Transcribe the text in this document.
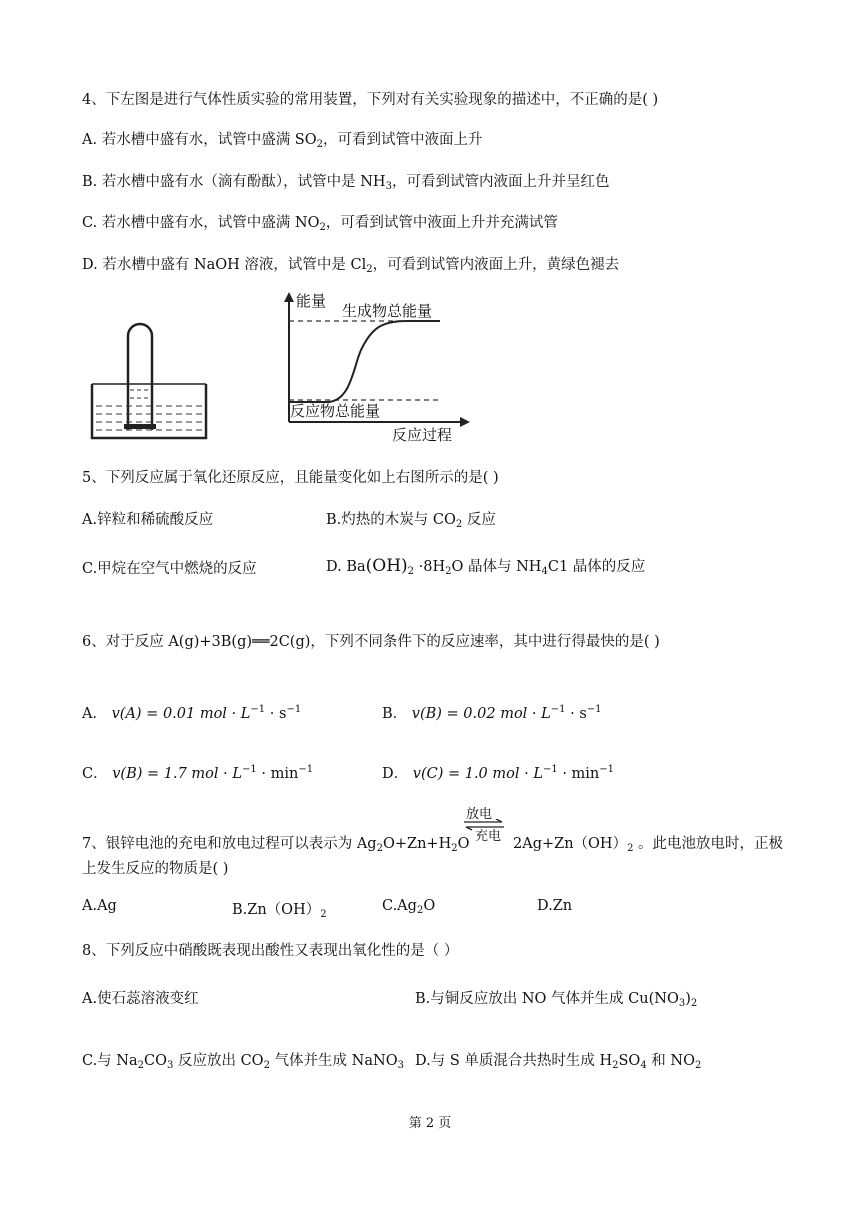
4、下左图是进行气体性质实验的常用装置，下列对有关实验现象的描述中，不正确的是( )
A. 若水槽中盛有水，试管中盛满 $SO_2$，可看到试管中液面上升
B. 若水槽中盛有水（滴有酚酞），试管中是 $NH_3$，可看到试管内液面上升并呈红色
C. 若水槽中盛有水，试管中盛满 $NO_2$，可看到试管中液面上升并充满试管
D. 若水槽中盛有 NaOH 溶液，试管中是 $Cl_2$，可看到试管内液面上升，黄绿色褪去
能量
生成物总能量
反应物总能量
反应过程
5、下列反应属于氧化还原反应，且能量变化如上右图所示的是( )
A.锌粒和稀硫酸反应	B.灼热的木炭与 $CO_2$ 反应
C.甲烷在空气中燃烧的反应	D. $Ba(OH)_2 \cdot 8H_2O$ 晶体与 $NH_4C1$ 晶体的反应
6、对于反应 A(g)+3B(g)══2C(g)，下列不同条件下的反应速率，其中进行得最快的是( )
A． v(A) = 0.01 mol · $L^{-1} \cdot s^{-1}$	B． v(B) = 0.02 mol · $L^{-1} \cdot s^{-1}$
C． v(B) = 1.7 mol · $L^{-1} \cdot \min^{-1}$	D． v(C) = 1.0 mol · $L^{-1} \cdot \min^{-1}$
放电
充电
7、银锌电池的充电和放电过程可以表示为 $Ag_2O+Zn+H_2O$	$2Ag+Zn(OH)_2$ 。此电池放电时，正极
上发生反应的物质是( )
A.Ag	$B.Zn(OH)_2$
$C.Ag_2O$	D.Zn
8、下列反应中硝酸既表现出酸性又表现出氧化性的是（ ）
A.使石蕊溶液变红	B.与铜反应放出 NO 气体并生成 $Cu(NO_3)_2$
C.与 $Na_2CO_3$ 反应放出 $CO_2$ 气体并生成 NaNO$_3$ D.与 S 单质混合共热时生成 $H_2SO_4$ 和 $NO_2$
第 2 页
